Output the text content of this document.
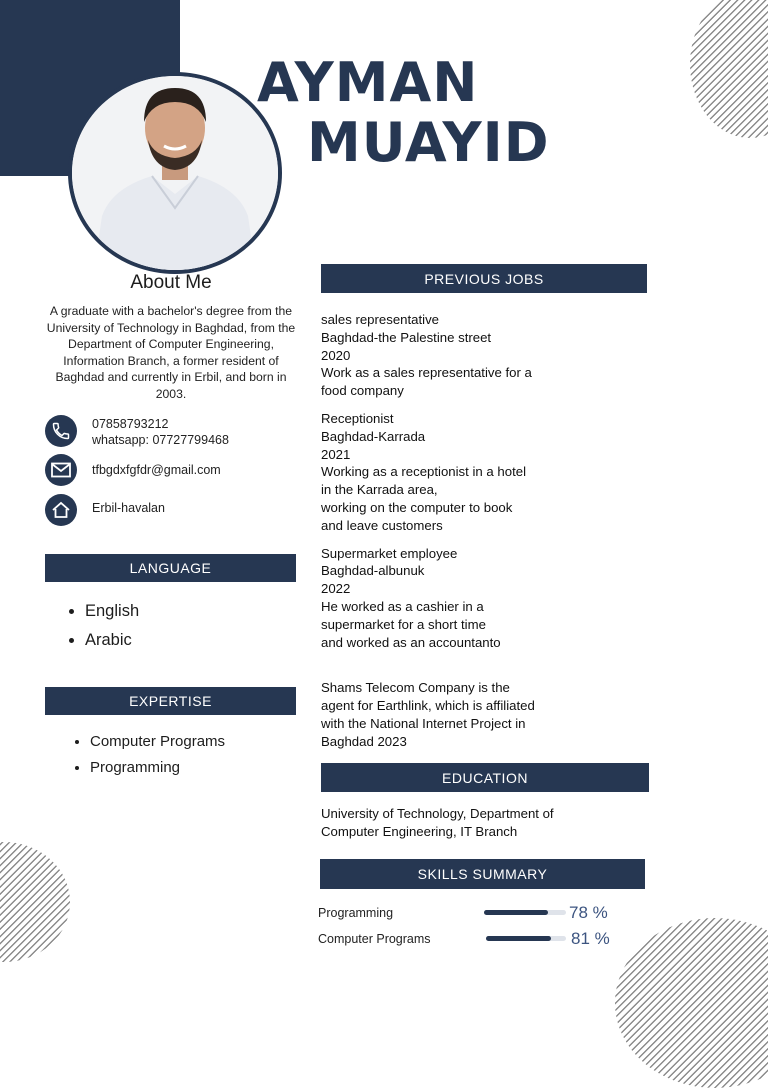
AYMAN
MUAYID
About Me
A graduate with a bachelor's degree from the University of Technology in Baghdad, from the Department of Computer Engineering, Information Branch, a former resident of Baghdad and currently in Erbil, and born in 2003.
07858793212
whatsapp: 07727799468
tfbgdxfgfdr@gmail.com
Erbil-havalan
LANGUAGE
• English
• Arabic
EXPERTISE
• Computer Programs
• Programming
PREVIOUS JOBS
sales representative
Baghdad-the Palestine street
2020
Work as a sales representative for a
food company
Receptionist
Baghdad-Karrada
2021
Working as a receptionist in a hotel
in the Karrada area,
working on the computer to book
and leave customers
Supermarket employee
Baghdad-albunuk
2022
He worked as a cashier in a
supermarket for a short time
and worked as an accountanto
Shams Telecom Company is the
agent for Earthlink, which is affiliated
with the National Internet Project in
Baghdad 2023
EDUCATION
University of Technology, Department of Computer Engineering, IT Branch
SKILLS SUMMARY
Programming	78 %
Computer Programs	81 %
